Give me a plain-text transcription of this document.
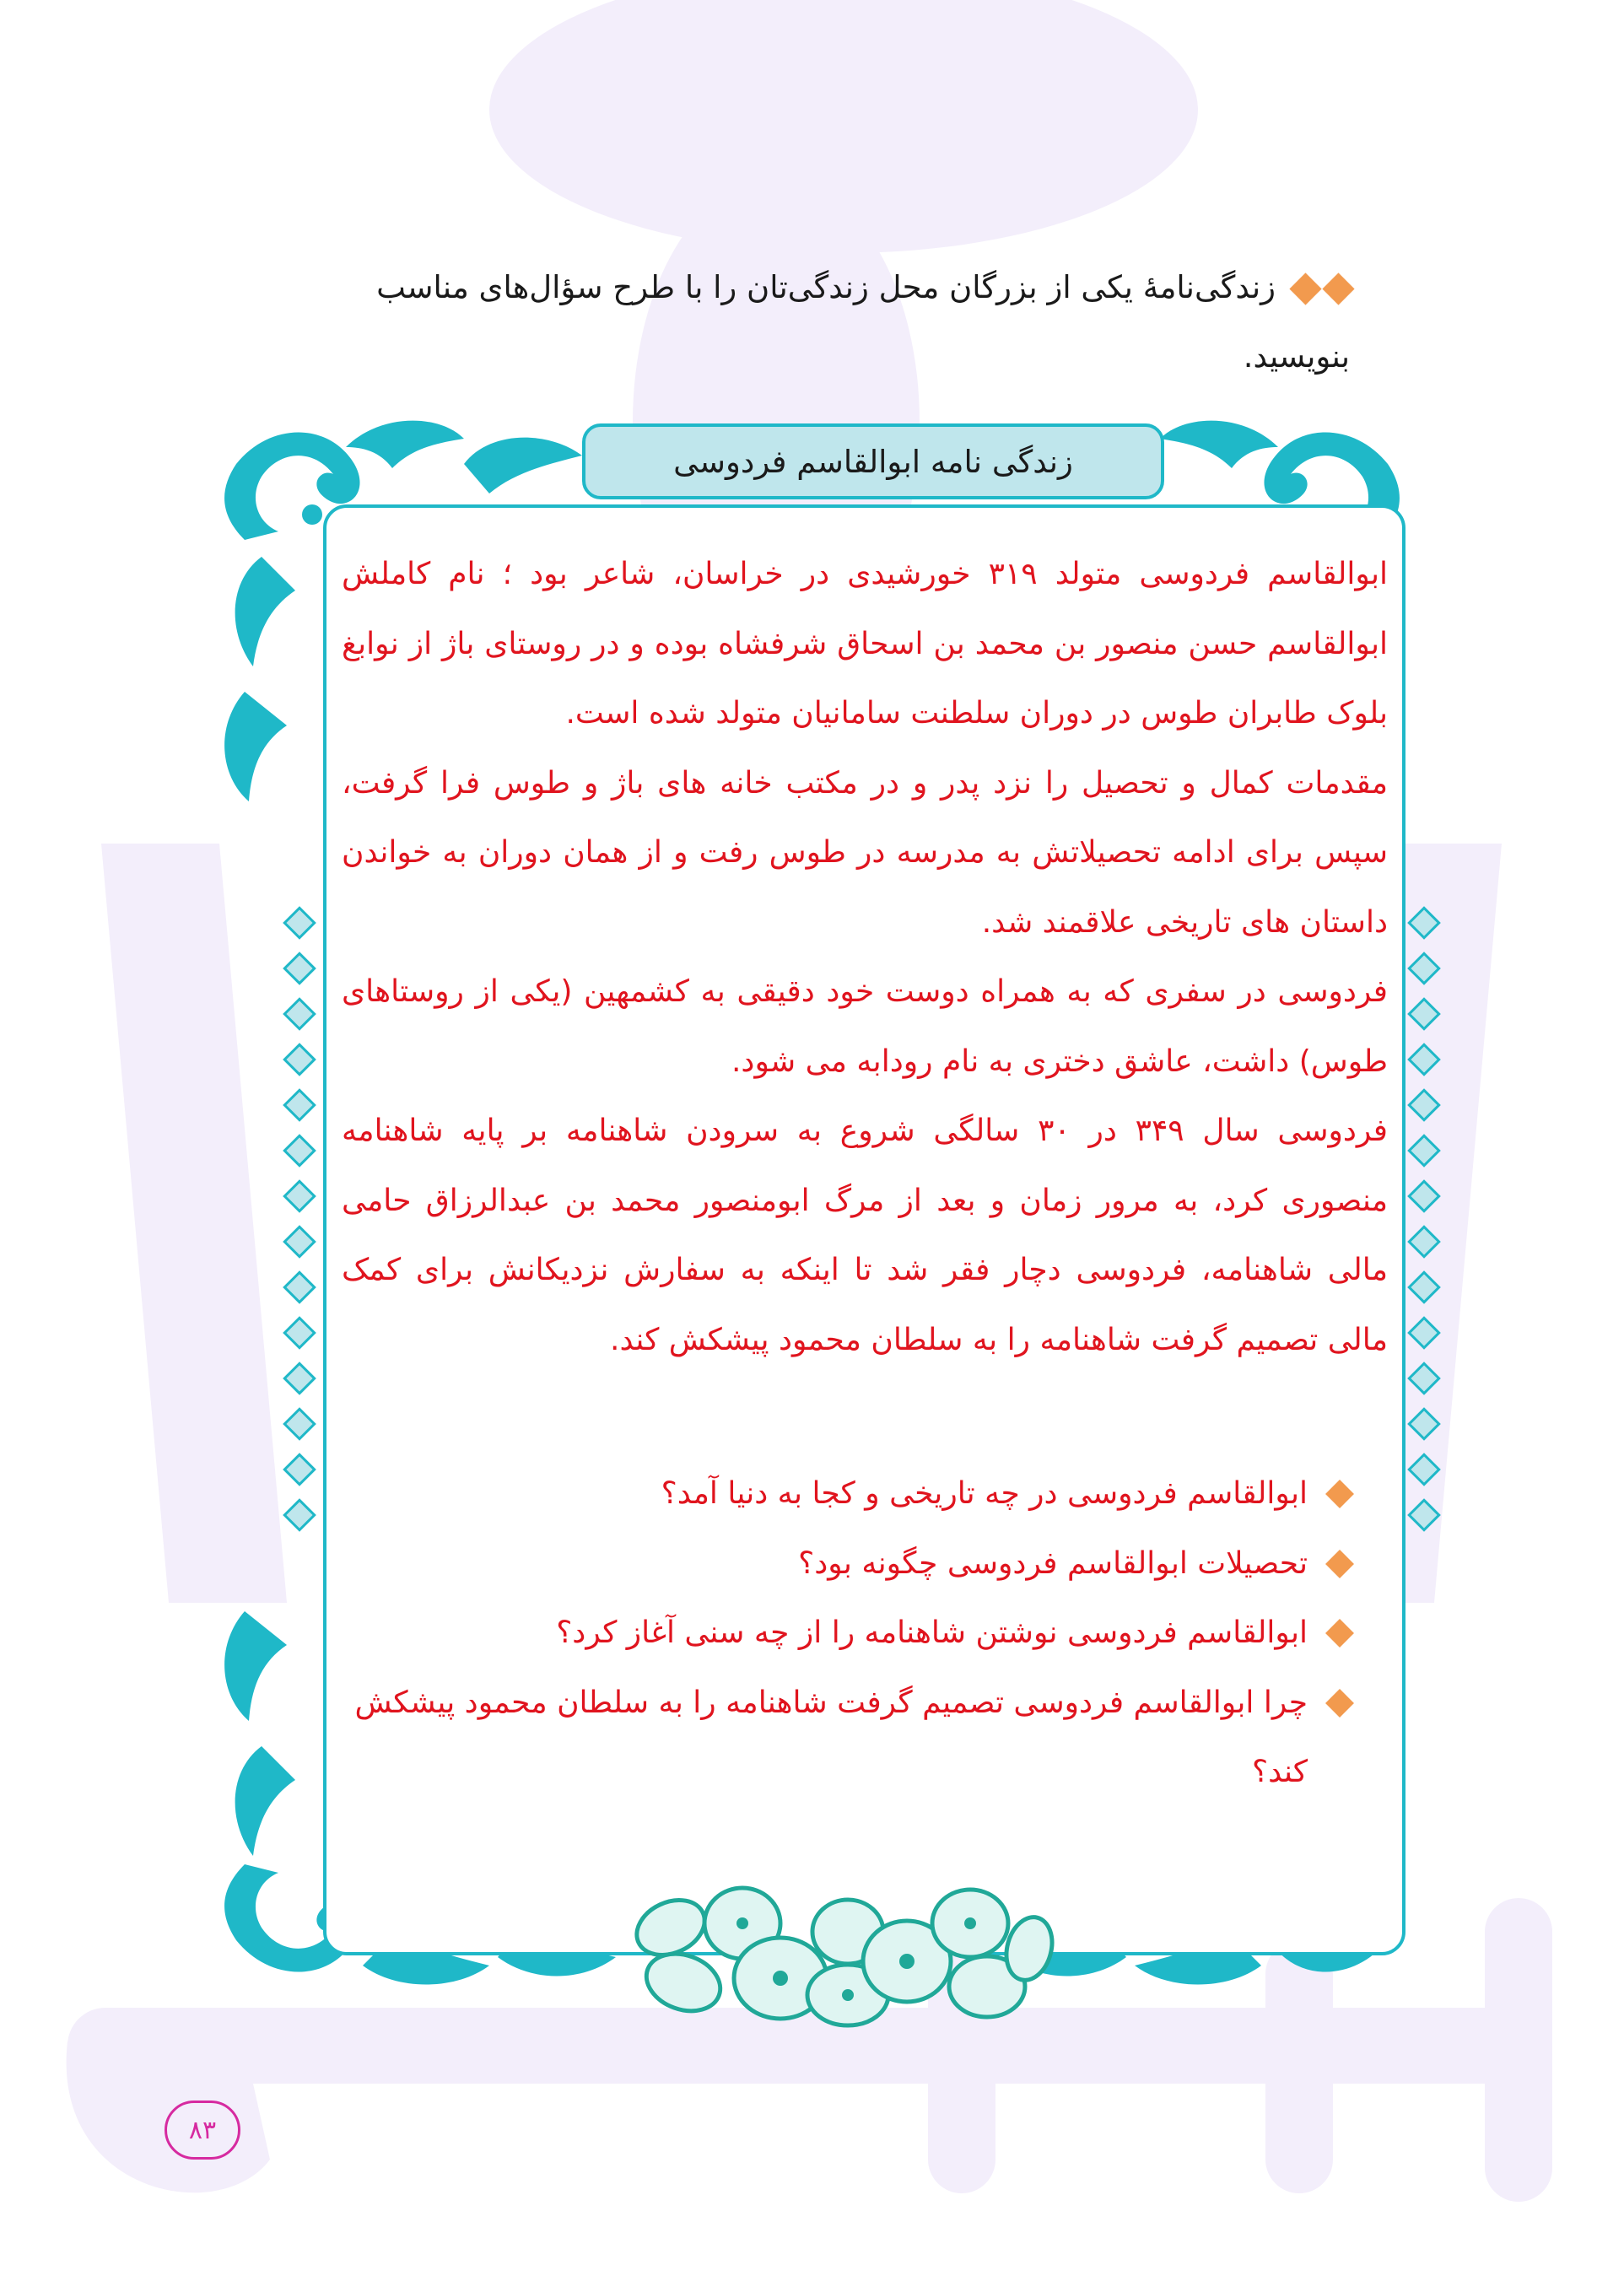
زندگی‌نامهٔ یکی از بزرگان محل زندگی‌تان را با طرح سؤال‌های مناسب بنویسید.
زندگی نامه ابوالقاسم فردوسی

ابوالقاسم فردوسی متولد ۳۱۹ خورشیدی در خراسان، شاعر بود ؛ نام کاملش ابوالقاسم حسن منصور بن محمد بن اسحاق شرفشاه بوده و در روستای باژ از نوابغ بلوک طابران طوس در دوران سلطنت سامانیان متولد شده است.

مقدمات کمال و تحصیل را نزد پدر و در مکتب خانه های باژ و طوس فرا گرفت، سپس برای ادامه تحصیلاتش به مدرسه در طوس رفت و از همان دوران به خواندن داستان های تاریخی علاقمند شد.

فردوسی در سفری که به همراه دوست خود دقیقی به کشمهین (یکی از روستاهای طوس) داشت، عاشق دختری به نام رودابه می شود.

فردوسی سال ۳۴۹ در ۳۰ سالگی شروع به سرودن شاهنامه بر پایه شاهنامه منصوری کرد، به مرور زمان و بعد از مرگ ابومنصور محمد بن عبدالرزاق حامی مالی شاهنامه، فردوسی دچار فقر شد تا اینکه به سفارش نزدیکانش برای کمک مالی تصمیم گرفت شاهنامه را به سلطان محمود پیشکش کند.

ابوالقاسم فردوسی در چه تاریخی و کجا به دنیا آمد؟
تحصیلات ابوالقاسم فردوسی چگونه بود؟
ابوالقاسم فردوسی نوشتن شاهنامه را از چه سنی آغاز کرد؟
چرا ابوالقاسم فردوسی تصمیم گرفت شاهنامه را به سلطان محمود پیشکش کند؟
۸۳
